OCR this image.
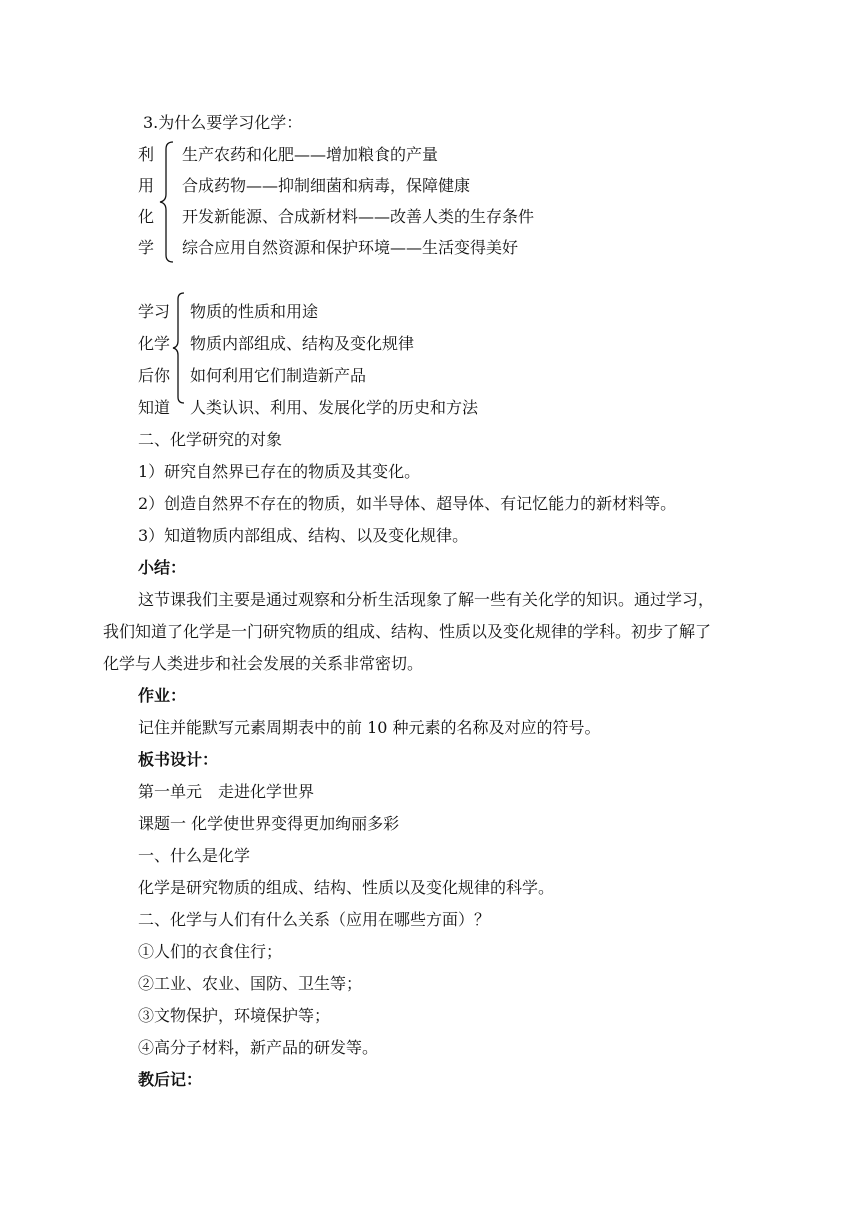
3.为什么要学习化学：
利
用
化
学
生产农药和化肥——增加粮食的产量
合成药物——抑制细菌和病毒，保障健康
开发新能源、合成新材料——改善人类的生存条件
综合应用自然资源和保护环境——生活变得美好
学习
化学
后你
知道
物质的性质和用途
物质内部组成、结构及变化规律
如何利用它们制造新产品
人类认识、利用、发展化学的历史和方法
二、化学研究的对象
1）研究自然界已存在的物质及其变化。
2）创造自然界不存在的物质，如半导体、超导体、有记忆能力的新材料等。
3）知道物质内部组成、结构、以及变化规律。
小结：
这节课我们主要是通过观察和分析生活现象了解一些有关化学的知识。通过学习，
我们知道了化学是一门研究物质的组成、结构、性质以及变化规律的学科。初步了解了
化学与人类进步和社会发展的关系非常密切。
作业：
记住并能默写元素周期表中的前 10 种元素的名称及对应的符号。
板书设计：
第一单元　走进化学世界
课题一 化学使世界变得更加绚丽多彩
一、什么是化学
化学是研究物质的组成、结构、性质以及变化规律的科学。
二、化学与人们有什么关系（应用在哪些方面）？
①人们的衣食住行；
②工业、农业、国防、卫生等；
③文物保护，环境保护等；
④高分子材料，新产品的研发等。
教后记：
